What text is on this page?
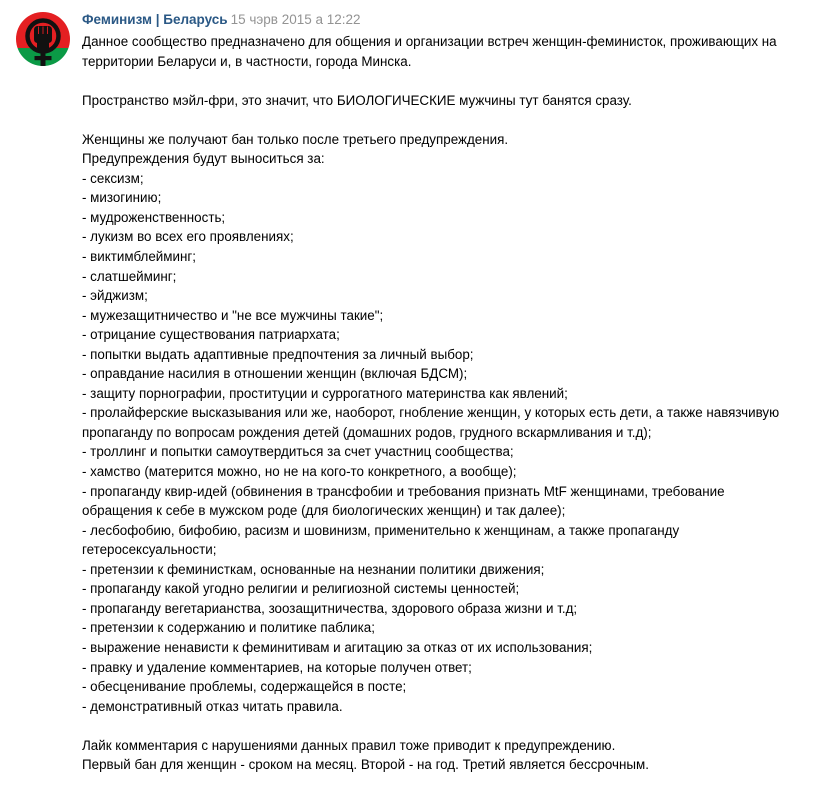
Феминизм | Беларусь 15 чэрв 2015 а 12:22
Данное сообщество предназначено для общения и организации встреч женщин-феминисток, проживающих на
территории Беларуси и, в частности, города Минска.
Пространство мэйл-фри, это значит, что БИОЛОГИЧЕСКИЕ мужчины тут банятся сразу.
Женщины же получают бан только после третьего предупреждения.
Предупреждения будут выноситься за:
- сексизм;
- мизогинию;
- мудроженственность;
- лукизм во всех его проявлениях;
- виктимблейминг;
- слатшейминг;
- эйджизм;
- мужезащитничество и "не все мужчины такие";
- отрицание существования патриархата;
- попытки выдать адаптивные предпочтения за личный выбор;
- оправдание насилия в отношении женщин (включая БДСМ);
- защиту порнографии, проституции и суррогатного материнства как явлений;
- пролайферские высказывания или же, наоборот, гнобление женщин, у которых есть дети, а также навязчивую
пропаганду по вопросам рождения детей (домашних родов, грудного вскармливания и т.д);
- троллинг и попытки самоутвердиться за счет участниц сообщества;
- хамство (матерится можно, но не на кого-то конкретного, а вообще);
- пропаганду квир-идей (обвинения в трансфобии и требования признать MtF женщинами, требование
обращения к себе в мужском роде (для биологических женщин) и так далее);
- лесбофобию, бифобию, расизм и шовинизм, применительно к женщинам, а также пропаганду
гетеросексуальности;
- претензии к феминисткам, основанные на незнании политики движения;
- пропаганду какой угодно религии и религиозной системы ценностей;
- пропаганду вегетарианства, зоозащитничества, здорового образа жизни и т.д;
- претензии к содержанию и политике паблика;
- выражение ненависти к феминитивам и агитацию за отказ от их использования;
- правку и удаление комментариев, на которые получен ответ;
- обесценивание проблемы, содержащейся в посте;
- демонстративный отказ читать правила.
Лайк комментария с нарушениями данных правил тоже приводит к предупреждению.
Первый бан для женщин - сроком на месяц. Второй - на год. Третий является бессрочным.
